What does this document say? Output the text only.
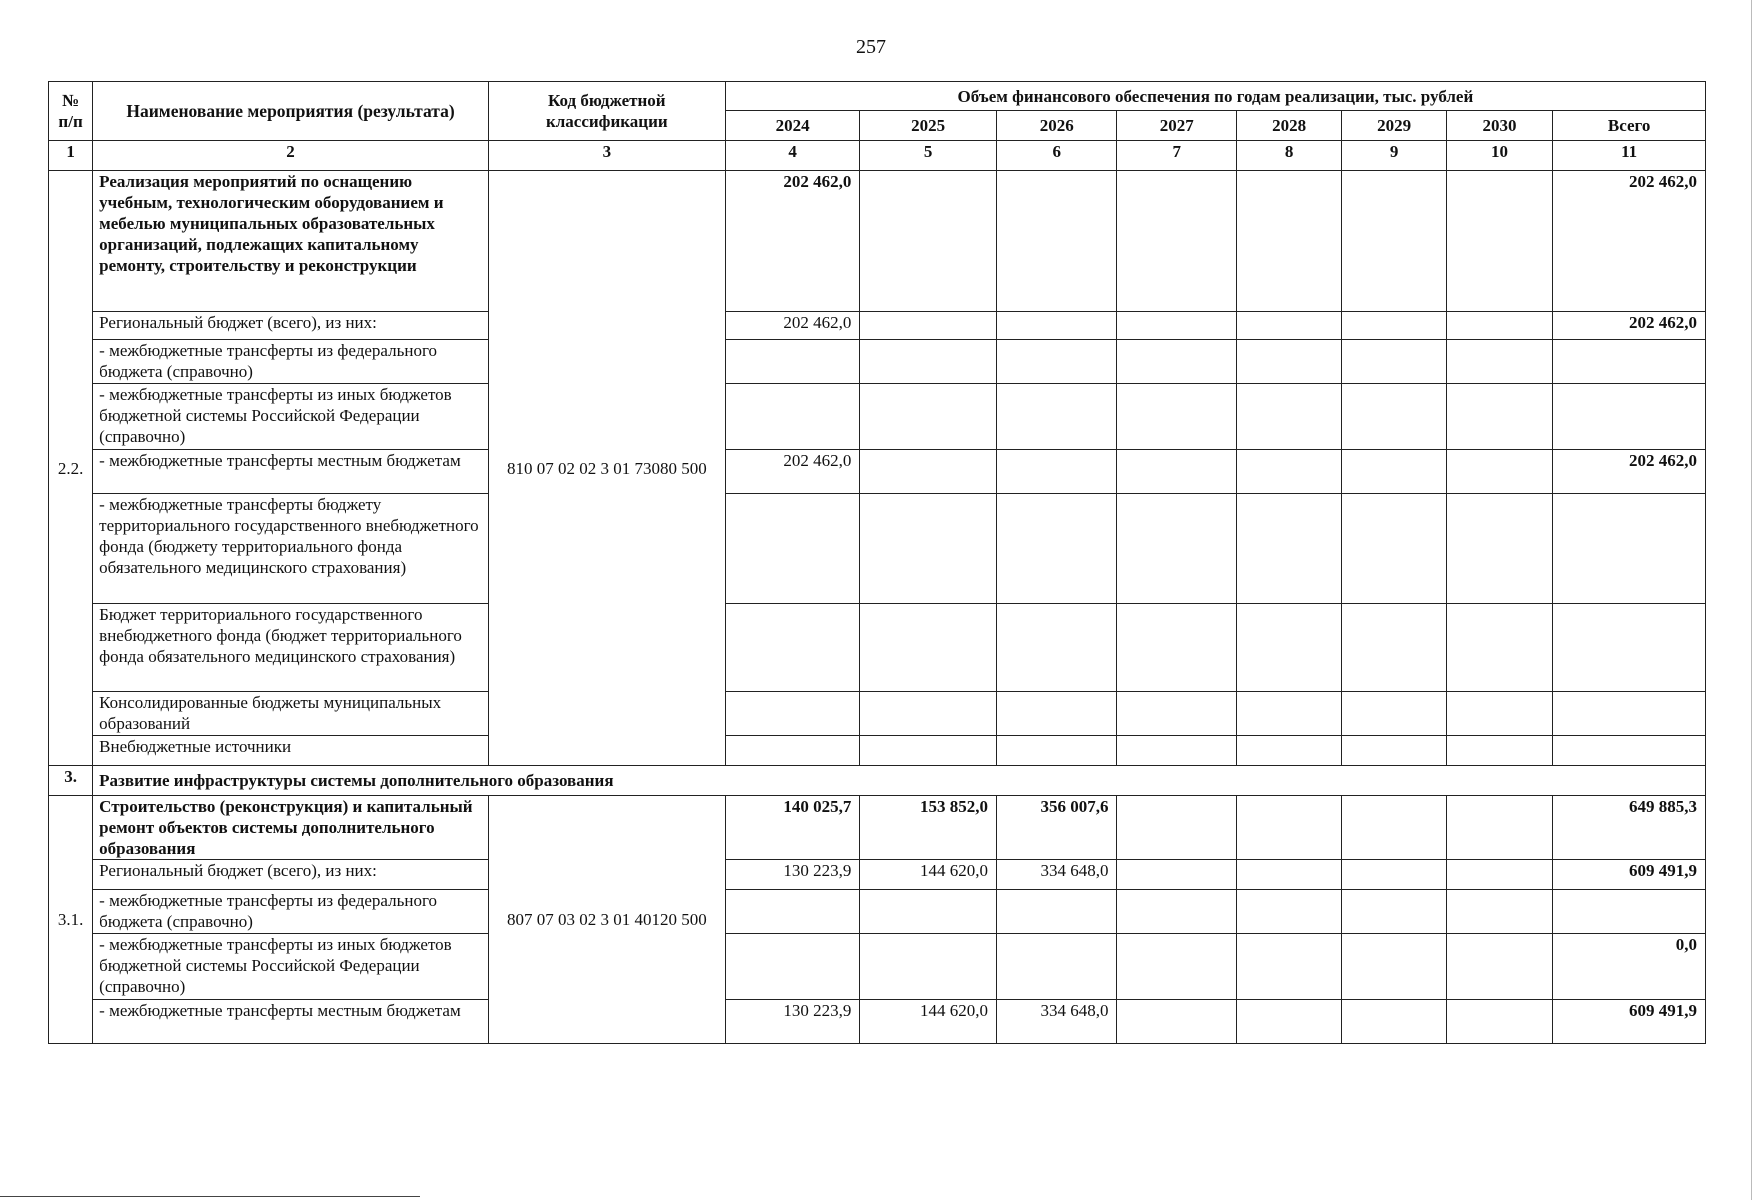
257
№ п/п	Наименование мероприятия (результата)	Код бюджетной классификации	Объем финансового обеспечения по годам реализации, тыс. рублей							
			2024	2025	2026	2027	2028	2029	2030	Всего
1	2	3	4	5	6	7	8	9	10	11
2.2.	Реализация мероприятий по оснащению учебным, технологическим оборудованием и мебелью муниципальных образовательных организаций, подлежащих капитальному ремонту, строительству и реконструкции	810 07 02 02 3 01 73080 500	202 462,0							202 462,0
	Региональный бюджет (всего), из них:		202 462,0							202 462,0
	- межбюджетные трансферты из федерального бюджета (справочно)									
	- межбюджетные трансферты из иных бюджетов бюджетной системы Российской Федерации (справочно)									
	- межбюджетные трансферты местным бюджетам		202 462,0							202 462,0
	- межбюджетные трансферты бюджету территориального государственного внебюджетного фонда (бюджету территориального фонда обязательного медицинского страхования)									
	Бюджет территориального государственного внебюджетного фонда (бюджет территориального фонда обязательного медицинского страхования)									
	Консолидированные бюджеты муниципальных образований									
	Внебюджетные источники									
3.	Развитие инфраструктуры системы дополнительного образования									
3.1.	Строительство (реконструкция) и капитальный ремонт объектов системы дополнительного образования	807 07 03 02 3 01 40120 500	140 025,7	153 852,0	356 007,6					649 885,3
	Региональный бюджет (всего), из них:		130 223,9	144 620,0	334 648,0					609 491,9
	- межбюджетные трансферты из федерального бюджета (справочно)									
	- межбюджетные трансферты из иных бюджетов бюджетной системы Российской Федерации (справочно)									0,0
	- межбюджетные трансферты местным бюджетам		130 223,9	144 620,0	334 648,0					609 491,9
